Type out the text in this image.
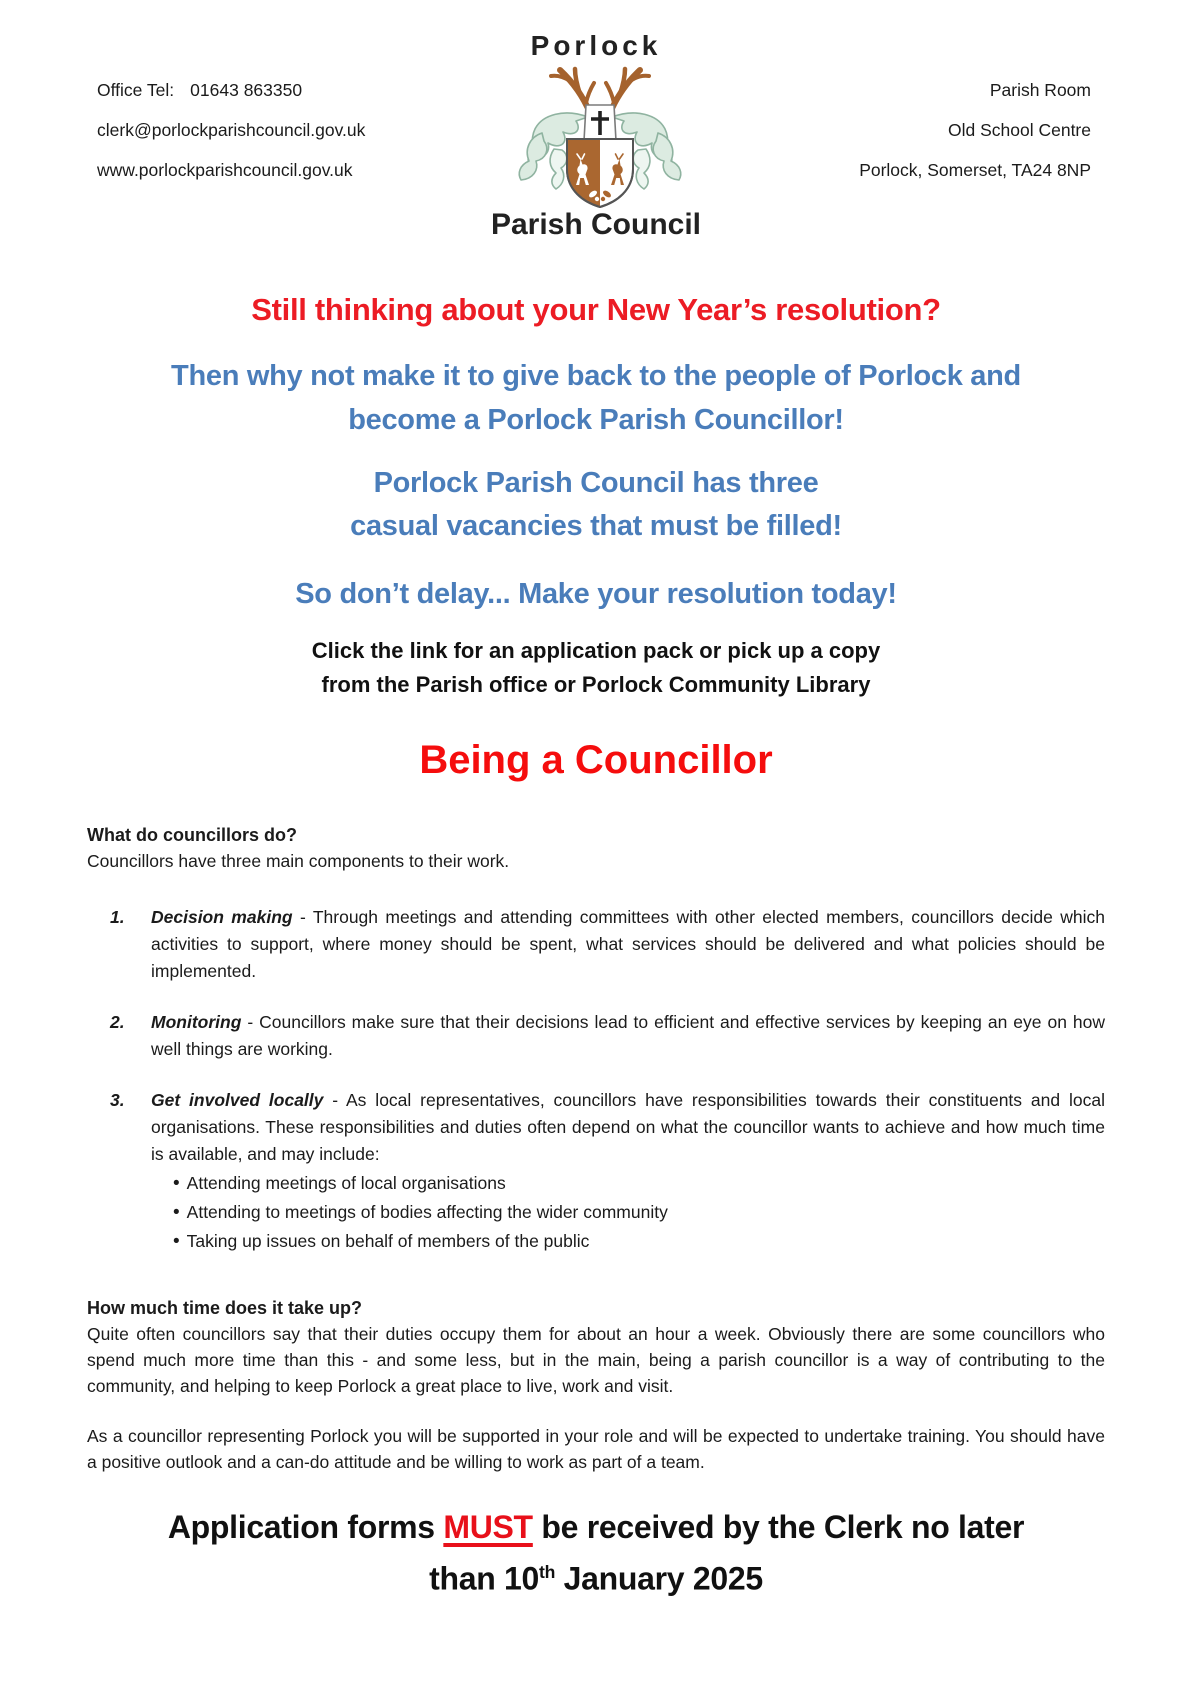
Porlock
Office Tel: 01643 863350
clerk@porlockparishcouncil.gov.uk
www.porlockparishcouncil.gov.uk
Parish Room
Old School Centre
Porlock, Somerset, TA24 8NP
Parish Council
Still thinking about your New Year’s resolution?
Then why not make it to give back to the people of Porlock and
become a Porlock Parish Councillor!
Porlock Parish Council has three
casual vacancies that must be filled!
So don’t delay... Make your resolution today!
Click the link for an application pack or pick up a copy
from the Parish office or Porlock Community Library
Being a Councillor
What do councillors do?

Councillors have three main components to their work.

1.	Decision making - Through meetings and attending committees with other elected members, councillors decide which activities to support, where money should be spent, what services should be delivered and what policies should be implemented.
2.	Monitoring - Councillors make sure that their decisions lead to efficient and effective services by keeping an eye on how well things are working.
3.	Get involved locally - As local representatives, councillors have responsibilities towards their constituents and local organisations. These responsibilities and duties often depend on what the councillor wants to achieve and how much time is available, and may include:
• Attending meetings of local organisations
• Attending to meetings of bodies affecting the wider community
• Taking up issues on behalf of members of the public
How much time does it take up?

Quite often councillors say that their duties occupy them for about an hour a week. Obviously there are some councillors who spend much more time than this - and some less, but in the main, being a parish councillor is a way of contributing to the community, and helping to keep Porlock a great place to live, work and visit.

As a councillor representing Porlock you will be supported in your role and will be expected to undertake training. You should have a positive outlook and a can-do attitude and be willing to work as part of a team.

Application forms MUST be received by the Clerk no later
than 10th January 2025
